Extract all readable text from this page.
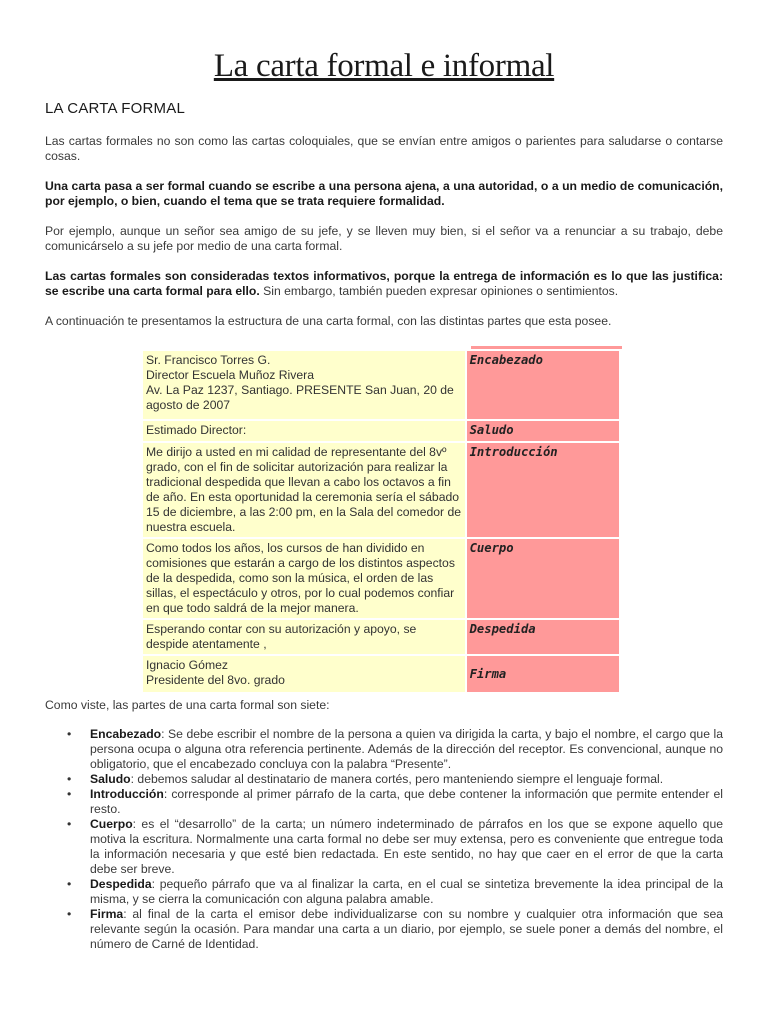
La carta formal e informal
LA CARTA FORMAL

Las cartas formales no son como las cartas coloquiales, que se envían entre amigos o parientes para saludarse o contarse cosas.

Una carta pasa a ser formal cuando se escribe a una persona ajena, a una autoridad, o a un medio de comunicación, por ejemplo, o bien, cuando el tema que se trata requiere formalidad.

Por ejemplo, aunque un señor sea amigo de su jefe, y se lleven muy bien, si el señor va a renunciar a su trabajo, debe comunicárselo a su jefe por medio de una carta formal.

Las cartas formales son consideradas textos informativos, porque la entrega de información es lo que las justifica: se escribe una carta formal para ello. Sin embargo, también pueden expresar opiniones o sentimientos.

A continuación te presentamos la estructura de una carta formal, con las distintas partes que esta posee.

Sr. Francisco Torres G.
Director Escuela Muñoz Rivera
Av. La Paz 1237, Santiago. PRESENTE San Juan, 20 de agosto de 2007	Encabezado
Estimado Director:	Saludo
Me dirijo a usted en mi calidad de representante del 8vº grado, con el fin de solicitar autorización para realizar la tradicional despedida que llevan a cabo los octavos a fin de año. En esta oportunidad la ceremonia sería el sábado 15 de diciembre, a las 2:00 pm, en la Sala del comedor de nuestra escuela.	Introducción
Como todos los años, los cursos de han dividido en comisiones que estarán a cargo de los distintos aspectos de la despedida, como son la música, el orden de las sillas, el espectáculo y otros, por lo cual podemos confiar en que todo saldrá de la mejor manera.	Cuerpo
Esperando contar con su autorización y apoyo, se despide atentamente ,	Despedida
Ignacio Gómez
Presidente del 8vo. grado	Firma

Como viste, las partes de una carta formal son siete:

• Encabezado: Se debe escribir el nombre de la persona a quien va dirigida la carta, y bajo el nombre, el cargo que la persona ocupa o alguna otra referencia pertinente. Además de la dirección del receptor. Es convencional, aunque no obligatorio, que el encabezado concluya con la palabra “Presente”.
• Saludo: debemos saludar al destinatario de manera cortés, pero manteniendo siempre el lenguaje formal.
• Introducción: corresponde al primer párrafo de la carta, que debe contener la información que permite entender el resto.
• Cuerpo: es el “desarrollo” de la carta; un número indeterminado de párrafos en los que se expone aquello que motiva la escritura. Normalmente una carta formal no debe ser muy extensa, pero es conveniente que entregue toda la información necesaria y que esté bien redactada. En este sentido, no hay que caer en el error de que la carta debe ser breve.
• Despedida: pequeño párrafo que va al finalizar la carta, en el cual se sintetiza brevemente la idea principal de la misma, y se cierra la comunicación con alguna palabra amable.
• Firma: al final de la carta el emisor debe individualizarse con su nombre y cualquier otra información que sea relevante según la ocasión. Para mandar una carta a un diario, por ejemplo, se suele poner a demás del nombre, el número de Carné de Identidad.
